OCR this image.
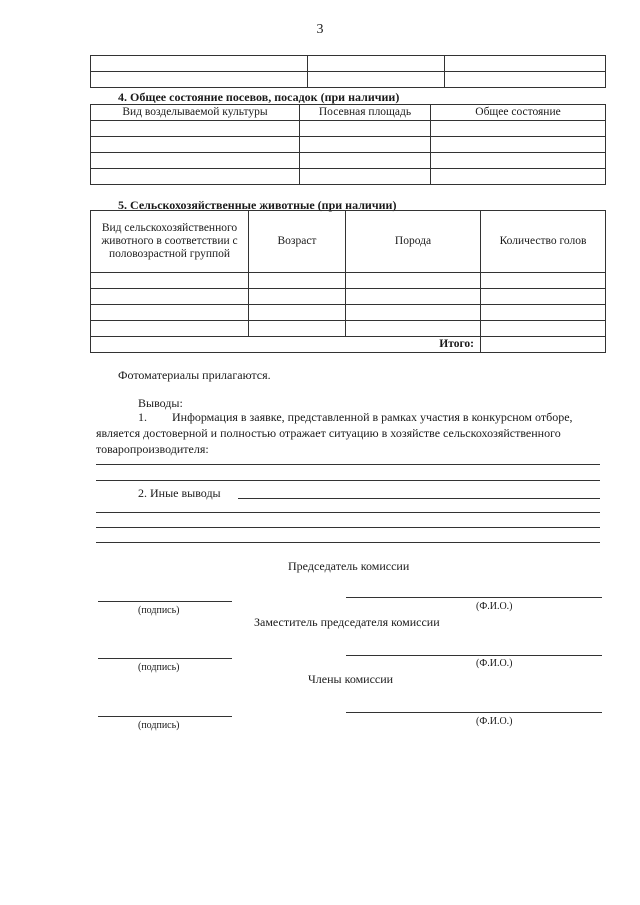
3

4. Общее состояние посевов, посадок (при наличии)
Вид возделываемой культуры	Посевная площадь	Общее состояние

5. Сельскохозяйственные животные (при наличии)
Вид сельскохозяйственного животного в соответствии с половозрастной группой	Возраст	Порода	Количество голов

Итого:			
Фотоматериалы прилагаются.
Выводы:
1. Информация в заявке, представленной в рамках участия в конкурсном отборе,
является достоверной и полностью отражает ситуацию в хозяйстве сельскохозяйственного
товаропроизводителя:
2. Иные выводы
Председатель комиссии
(подпись)	(Ф.И.О.)
Заместитель председателя комиссии
(подпись)	(Ф.И.О.)
Члены комиссии
(подпись)	(Ф.И.О.)
